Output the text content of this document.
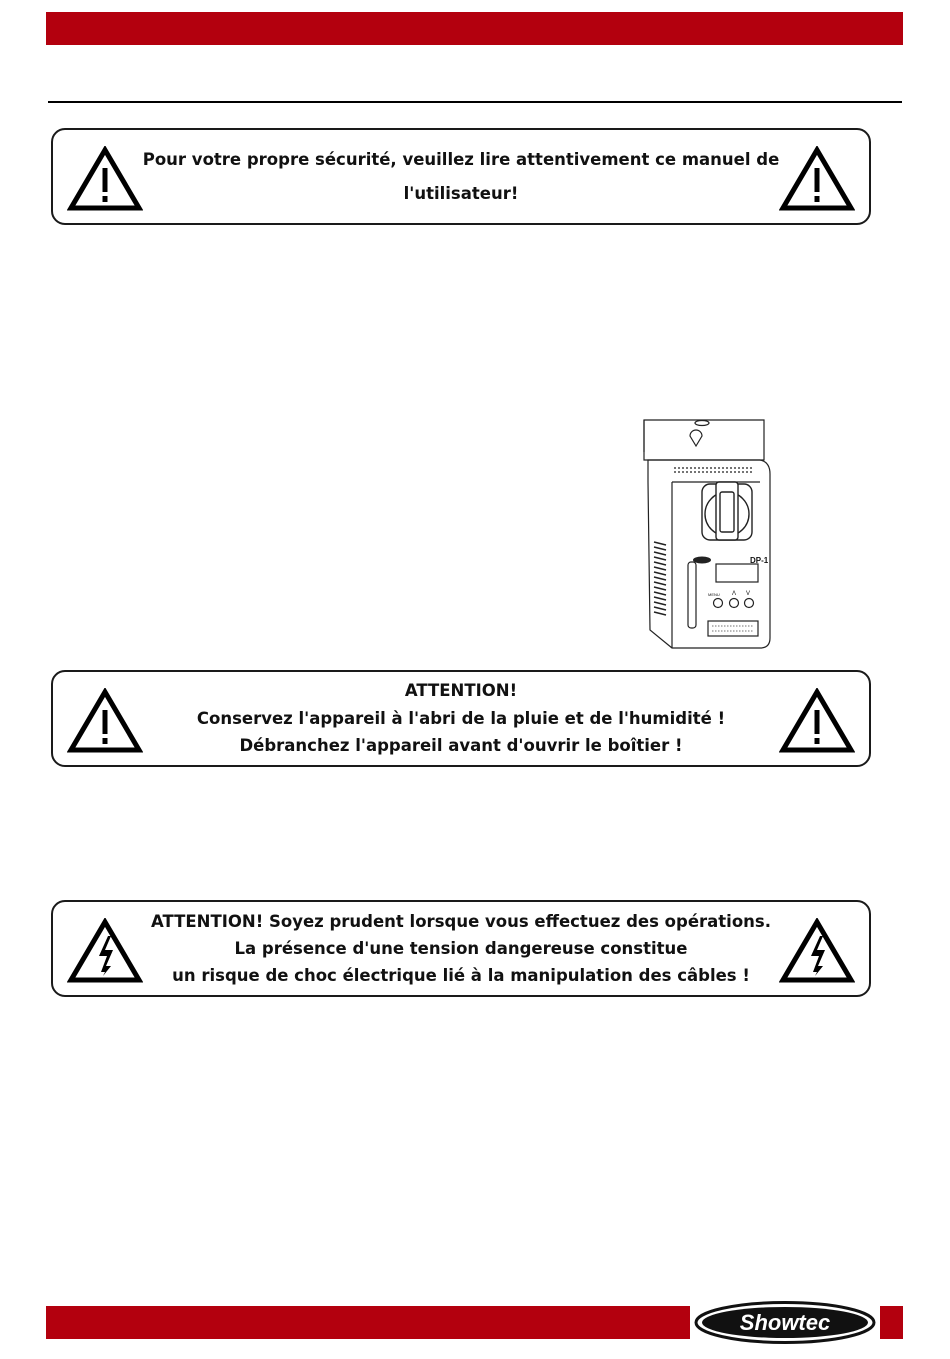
Pour votre propre sécurité, veuillez lire attentivement ce manuel de
l'utilisateur!
DP-1
MENU Λ V
ATTENTION!
Conservez l'appareil à l'abri de la pluie et de l'humidité !
Débranchez l'appareil avant d'ouvrir le boîtier !
ATTENTION! Soyez prudent lorsque vous effectuez des opérations.
La présence d'une tension dangereuse constitue
un risque de choc électrique lié à la manipulation des câbles !
Showtec
